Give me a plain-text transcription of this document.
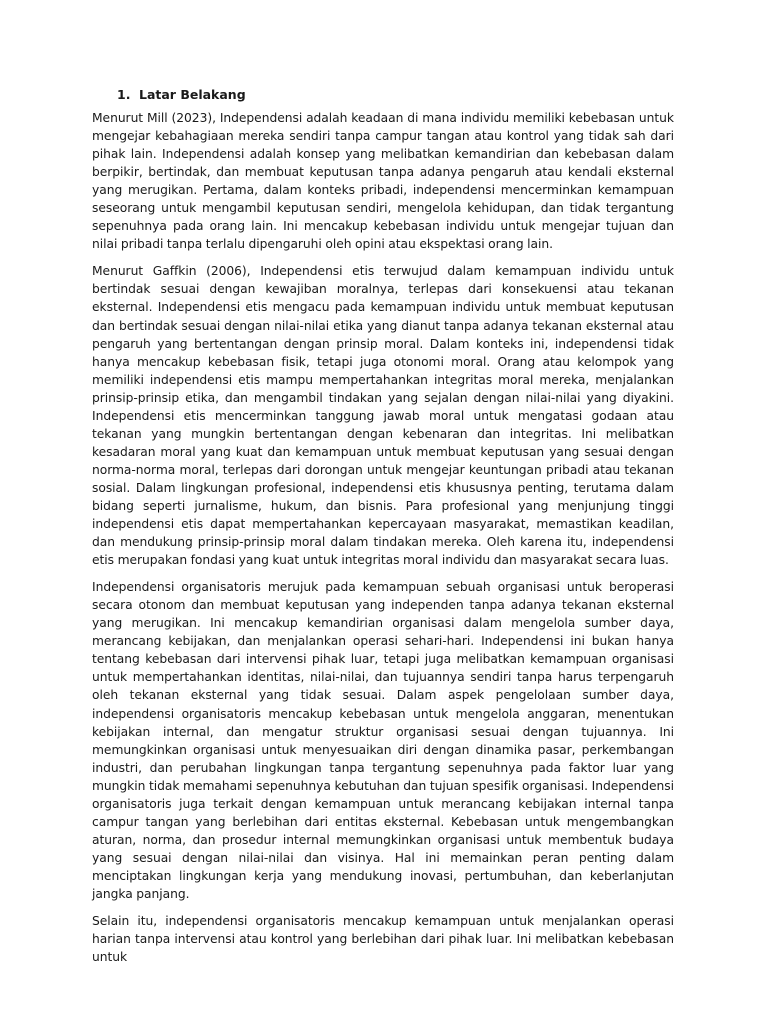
1. Latar Belakang

Menurut Mill (2023), Independensi adalah keadaan di mana individu memiliki kebebasan untuk mengejar kebahagiaan mereka sendiri tanpa campur tangan atau kontrol yang tidak sah dari pihak lain. Independensi adalah konsep yang melibatkan kemandirian dan kebebasan dalam berpikir, bertindak, dan membuat keputusan tanpa adanya pengaruh atau kendali eksternal yang merugikan. Pertama, dalam konteks pribadi, independensi mencerminkan kemampuan seseorang untuk mengambil keputusan sendiri, mengelola kehidupan, dan tidak tergantung sepenuhnya pada orang lain. Ini mencakup kebebasan individu untuk mengejar tujuan dan nilai pribadi tanpa terlalu dipengaruhi oleh opini atau ekspektasi orang lain.

Menurut Gaffkin (2006), Independensi etis terwujud dalam kemampuan individu untuk bertindak sesuai dengan kewajiban moralnya, terlepas dari konsekuensi atau tekanan eksternal. Independensi etis mengacu pada kemampuan individu untuk membuat keputusan dan bertindak sesuai dengan nilai-nilai etika yang dianut tanpa adanya tekanan eksternal atau pengaruh yang bertentangan dengan prinsip moral. Dalam konteks ini, independensi tidak hanya mencakup kebebasan fisik, tetapi juga otonomi moral. Orang atau kelompok yang memiliki independensi etis mampu mempertahankan integritas moral mereka, menjalankan prinsip-prinsip etika, dan mengambil tindakan yang sejalan dengan nilai-nilai yang diyakini. Independensi etis mencerminkan tanggung jawab moral untuk mengatasi godaan atau tekanan yang mungkin bertentangan dengan kebenaran dan integritas. Ini melibatkan kesadaran moral yang kuat dan kemampuan untuk membuat keputusan yang sesuai dengan norma-norma moral, terlepas dari dorongan untuk mengejar keuntungan pribadi atau tekanan sosial. Dalam lingkungan profesional, independensi etis khususnya penting, terutama dalam bidang seperti jurnalisme, hukum, dan bisnis. Para profesional yang menjunjung tinggi independensi etis dapat mempertahankan kepercayaan masyarakat, memastikan keadilan, dan mendukung prinsip-prinsip moral dalam tindakan mereka. Oleh karena itu, independensi etis merupakan fondasi yang kuat untuk integritas moral individu dan masyarakat secara luas.

Independensi organisatoris merujuk pada kemampuan sebuah organisasi untuk beroperasi secara otonom dan membuat keputusan yang independen tanpa adanya tekanan eksternal yang merugikan. Ini mencakup kemandirian organisasi dalam mengelola sumber daya, merancang kebijakan, dan menjalankan operasi sehari-hari. Independensi ini bukan hanya tentang kebebasan dari intervensi pihak luar, tetapi juga melibatkan kemampuan organisasi untuk mempertahankan identitas, nilai-nilai, dan tujuannya sendiri tanpa harus terpengaruh oleh tekanan eksternal yang tidak sesuai. Dalam aspek pengelolaan sumber daya, independensi organisatoris mencakup kebebasan untuk mengelola anggaran, menentukan kebijakan internal, dan mengatur struktur organisasi sesuai dengan tujuannya. Ini memungkinkan organisasi untuk menyesuaikan diri dengan dinamika pasar, perkembangan industri, dan perubahan lingkungan tanpa tergantung sepenuhnya pada faktor luar yang mungkin tidak memahami sepenuhnya kebutuhan dan tujuan spesifik organisasi. Independensi organisatoris juga terkait dengan kemampuan untuk merancang kebijakan internal tanpa campur tangan yang berlebihan dari entitas eksternal. Kebebasan untuk mengembangkan aturan, norma, dan prosedur internal memungkinkan organisasi untuk membentuk budaya yang sesuai dengan nilai-nilai dan visinya. Hal ini memainkan peran penting dalam menciptakan lingkungan kerja yang mendukung inovasi, pertumbuhan, dan keberlanjutan jangka panjang.

Selain itu, independensi organisatoris mencakup kemampuan untuk menjalankan operasi harian tanpa intervensi atau kontrol yang berlebihan dari pihak luar. Ini melibatkan kebebasan untuk
